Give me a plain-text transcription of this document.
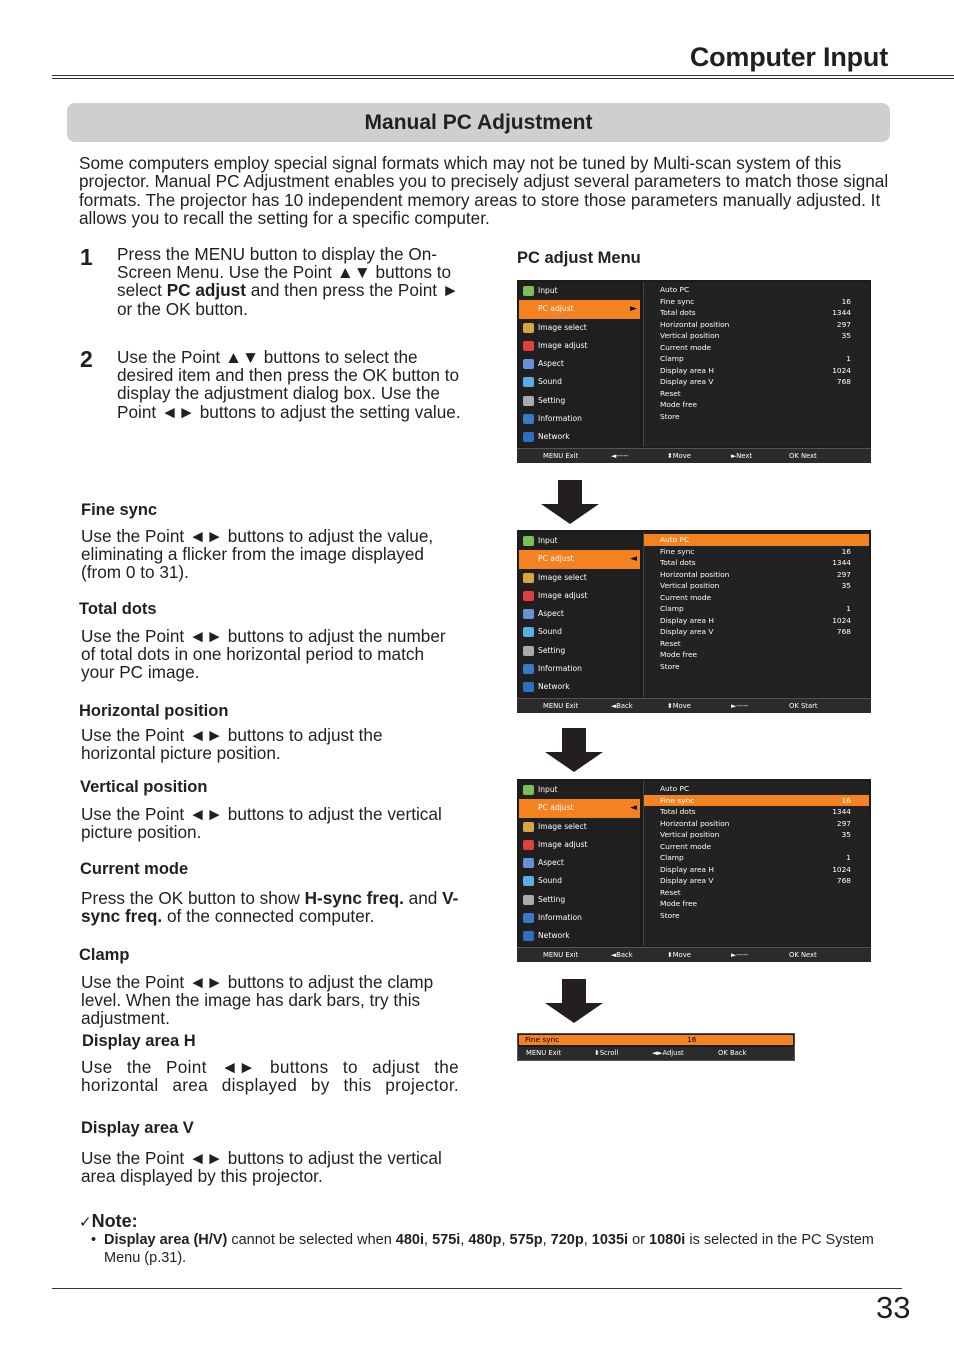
Computer Input
Manual PC Adjustment
Some computers employ special signal formats which may not be tuned by Multi-scan system of this projector. Manual PC Adjustment enables you to precisely adjust several parameters to match those signal formats. The projector has 10 independent memory areas to store those parameters manually adjusted. It allows you to recall the setting for a specific computer.
1 Press the MENU button to display the On-Screen Menu. Use the Point ▲▼ buttons to select PC adjust and then press the Point ► or the OK button.
2 Use the Point ▲▼ buttons to select the desired item and then press the OK button to display the adjustment dialog box. Use the Point ◄► buttons to adjust the setting value.
PC adjust Menu
Fine sync
Use the Point ◄► buttons to adjust the value, eliminating a flicker from the image displayed (from 0 to 31).
Total dots
Use the Point ◄► buttons to adjust the number of total dots in one horizontal period to match your PC image.
Horizontal position
Use the Point ◄► buttons to adjust the horizontal picture position.
Vertical position
Use the Point ◄► buttons to adjust the vertical picture position.
Current mode
Press the OK button to show H-sync freq. and V-sync freq. of the connected computer.
Clamp
Use the Point ◄► buttons to adjust the clamp level. When the image has dark bars, try this adjustment.
Display area H
Use the Point ◄► buttons to adjust the horizontal area displayed by this projector.
Display area V
Use the Point ◄► buttons to adjust the vertical area displayed by this projector.
Input
PC adjust	►
Image select
Image adjust
Aspect
Sound
Setting
Information
Network
Auto PC
Fine sync	16
Total dots	1344
Horizontal position	297
Vertical position	35
Current mode
Clamp	1
Display area H	1024
Display area V	768
Reset
Mode free
Store
MENU Exit	◄-----	⬍Move	►Next	OK Next
Input
PC adjust	◄
Image select
Image adjust
Aspect
Sound
Setting
Information
Network
Auto PC
Fine sync	16
Total dots	1344
Horizontal position	297
Vertical position	35
Current mode
Clamp	1
Display area H	1024
Display area V	768
Reset
Mode free
Store
MENU Exit	◄Back	⬍Move	►-----	OK Start
Input
PC adjust	◄
Image select
Image adjust
Aspect
Sound
Setting
Information
Network
Auto PC
Fine sync	16
Total dots	1344
Horizontal position	297
Vertical position	35
Current mode
Clamp	1
Display area H	1024
Display area V	768
Reset
Mode free
Store
MENU Exit	◄Back	⬍Move	►-----	OK Next
Fine sync	16
MENU Exit	⬍Scroll	◄►Adjust	OK Back
✓Note:
• Display area (H/V) cannot be selected when 480i, 575i, 480p, 575p, 720p, 1035i or 1080i is selected in the PC System Menu (p.31).
33
